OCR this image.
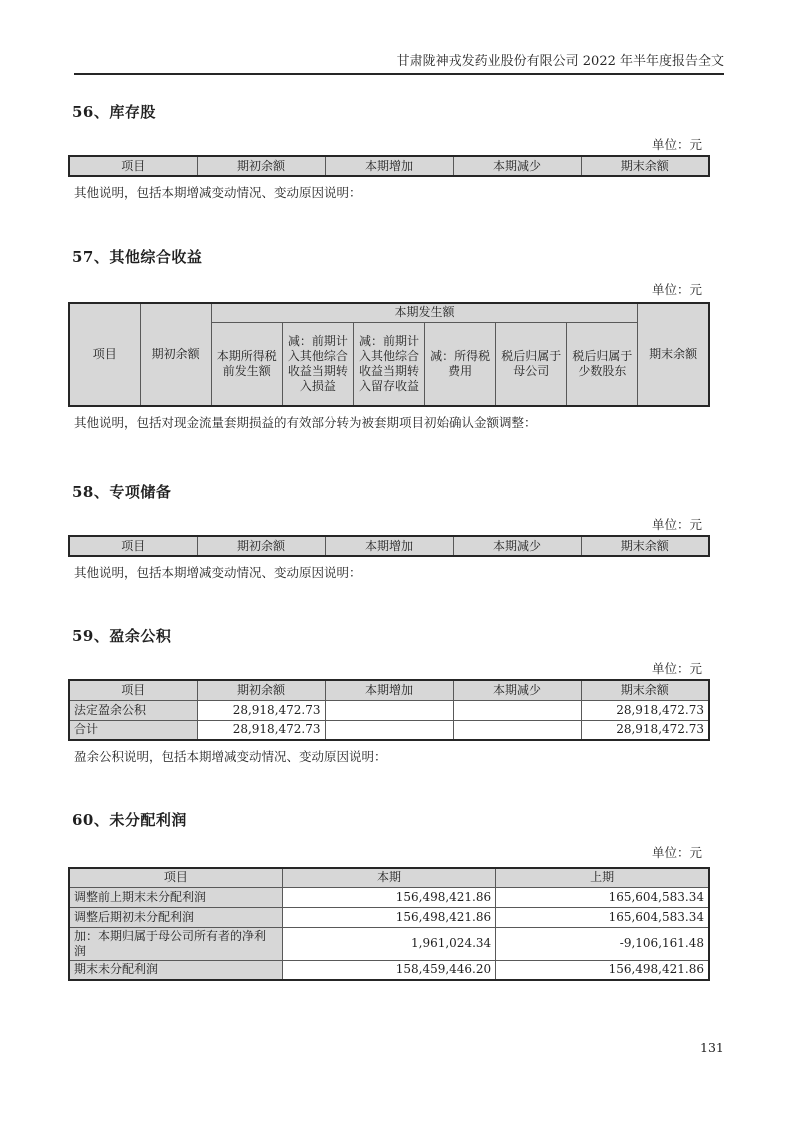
甘肃陇神戎发药业股份有限公司 2022 年半年度报告全文
56、库存股
单位：元
项目	期初余额	本期增加	本期减少	期末余额

其他说明，包括本期增减变动情况、变动原因说明：

57、其他综合收益
单位：元
项目	期初余额	本期发生额						期末余额
		本期所得税前发生额	减：前期计入其他综合收益当期转入损益	减：前期计入其他综合收益当期转入留存收益	减：所得税费用	税后归属于母公司	税后归属于少数股东	

其他说明，包括对现金流量套期损益的有效部分转为被套期项目初始确认金额调整：

58、专项储备
单位：元
项目	期初余额	本期增加	本期减少	期末余额

其他说明，包括本期增减变动情况、变动原因说明：

59、盈余公积
单位：元
项目	期初余额	本期增加	本期减少	期末余额
法定盈余公积	28,918,472.73			28,918,472.73
合计	28,918,472.73			28,918,472.73

盈余公积说明，包括本期增减变动情况、变动原因说明：

60、未分配利润
单位：元
项目	本期	上期
调整前上期末未分配利润	156,498,421.86	165,604,583.34
调整后期初未分配利润	156,498,421.86	165,604,583.34
加：本期归属于母公司所有者的净利润	1,961,024.34	-9,106,161.48
期末未分配利润	158,459,446.20	156,498,421.86
131
